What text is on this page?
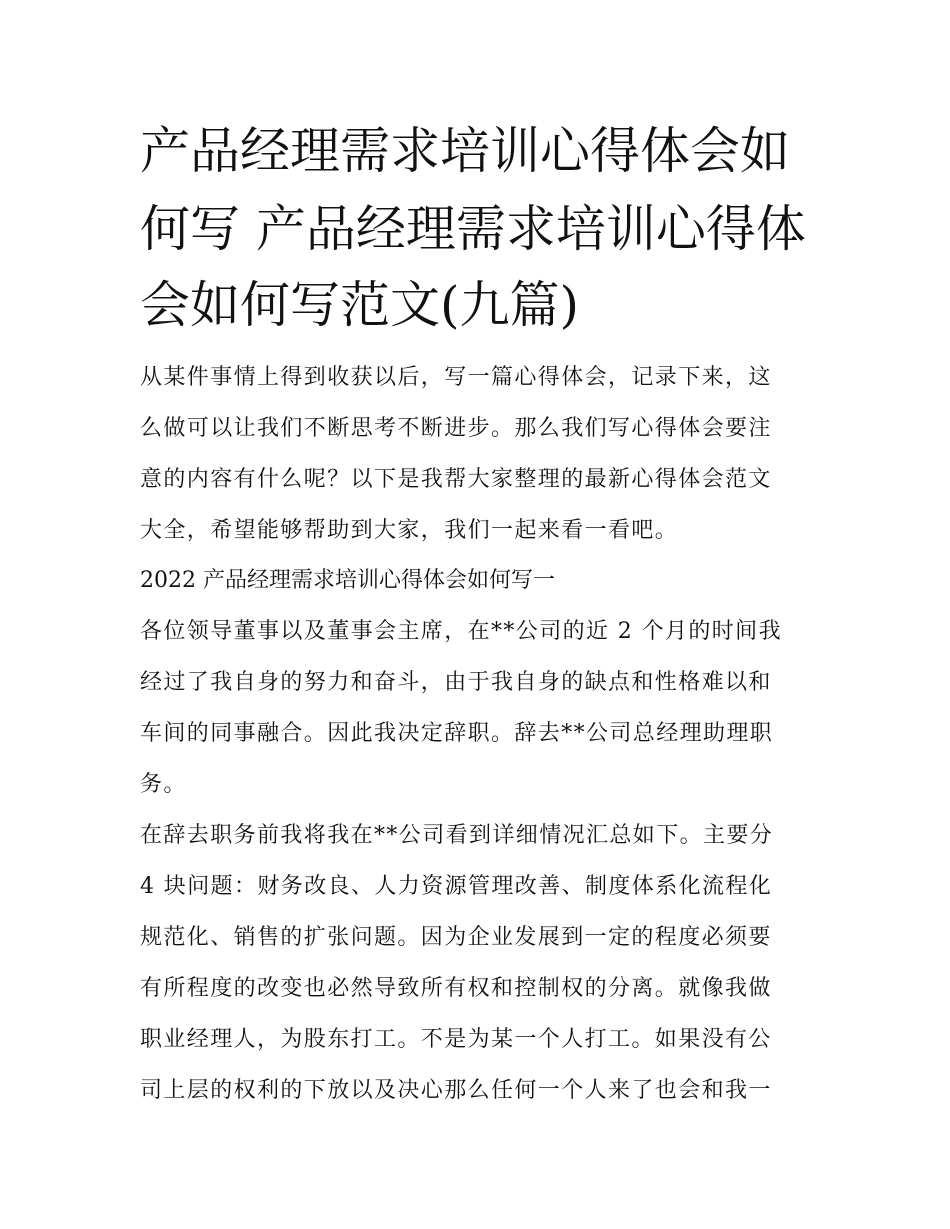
产品经理需求培训心得体会如
何写 产品经理需求培训心得体
会如何写范文(九篇)
从某件事情上得到收获以后，写一篇心得体会，记录下来，这
么做可以让我们不断思考不断进步。那么我们写心得体会要注
意的内容有什么呢？以下是我帮大家整理的最新心得体会范文
大全，希望能够帮助到大家，我们一起来看一看吧。
2022 产品经理需求培训心得体会如何写一
各位领导董事以及董事会主席，在**公司的近 2 个月的时间我
经过了我自身的努力和奋斗，由于我自身的缺点和性格难以和
车间的同事融合。因此我决定辞职。辞去**公司总经理助理职
务。
在辞去职务前我将我在**公司看到详细情况汇总如下。主要分
4 块问题：财务改良、人力资源管理改善、制度体系化流程化
规范化、销售的扩张问题。因为企业发展到一定的程度必须要
有所程度的改变也必然导致所有权和控制权的分离。就像我做
职业经理人，为股东打工。不是为某一个人打工。如果没有公
司上层的权利的下放以及决心那么任何一个人来了也会和我一
